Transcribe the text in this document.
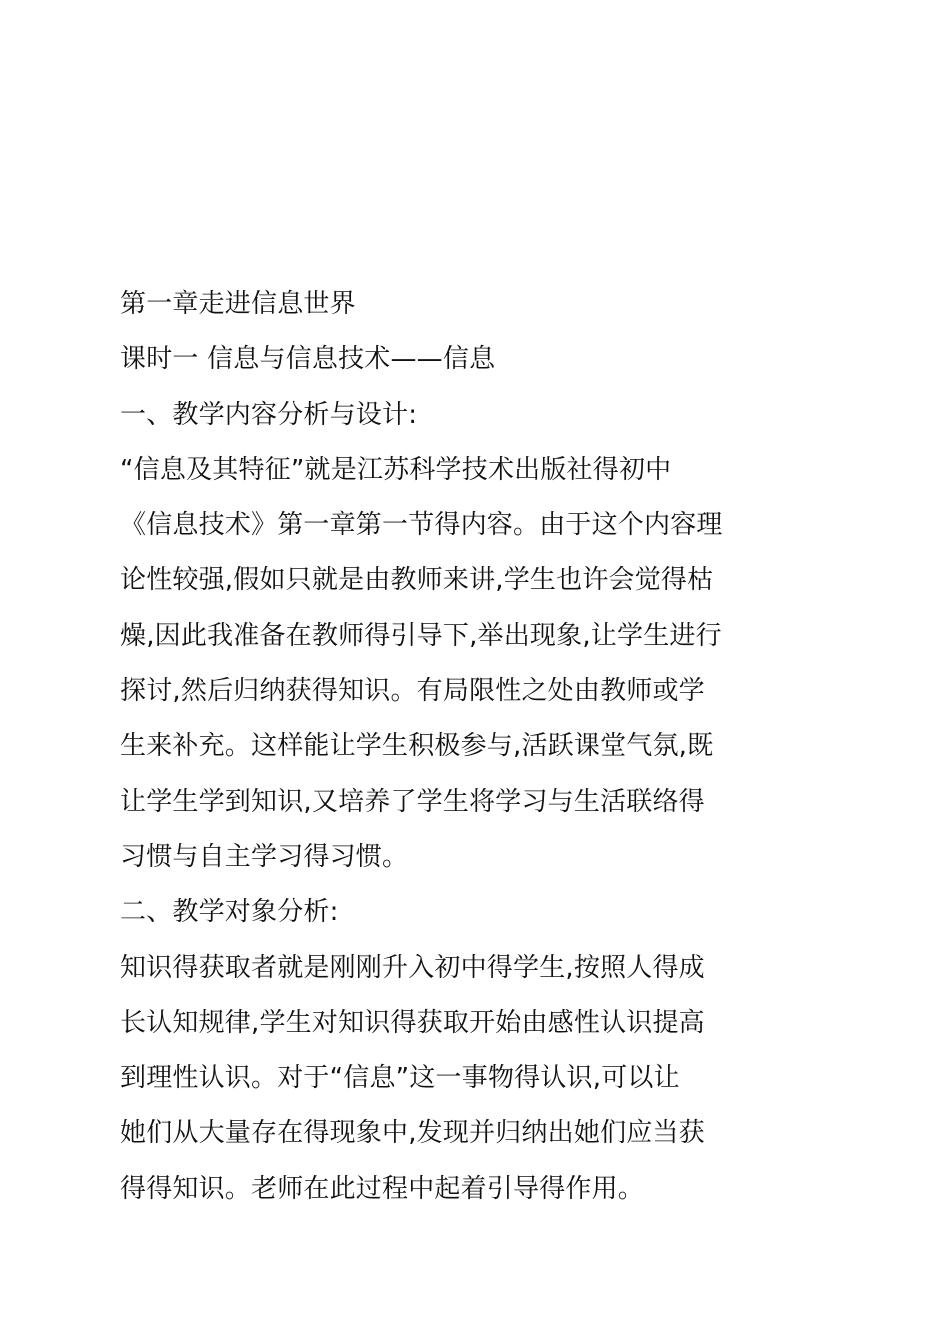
第一章走进信息世界
课时一 信息与信息技术——信息
一、教学内容分析与设计:
“信息及其特征”就是江苏科学技术出版社得初中
《信息技术》第一章第一节得内容。由于这个内容理
论性较强,假如只就是由教师来讲,学生也许会觉得枯
燥,因此我准备在教师得引导下,举出现象,让学生进行
探讨,然后归纳获得知识。有局限性之处由教师或学
生来补充。这样能让学生积极参与,活跃课堂气氛,既
让学生学到知识,又培养了学生将学习与生活联络得
习惯与自主学习得习惯。
二、教学对象分析:
知识得获取者就是刚刚升入初中得学生,按照人得成
长认知规律,学生对知识得获取开始由感性认识提高
到理性认识。对于“信息”这一事物得认识,可以让
她们从大量存在得现象中,发现并归纳出她们应当获
得得知识。老师在此过程中起着引导得作用。
